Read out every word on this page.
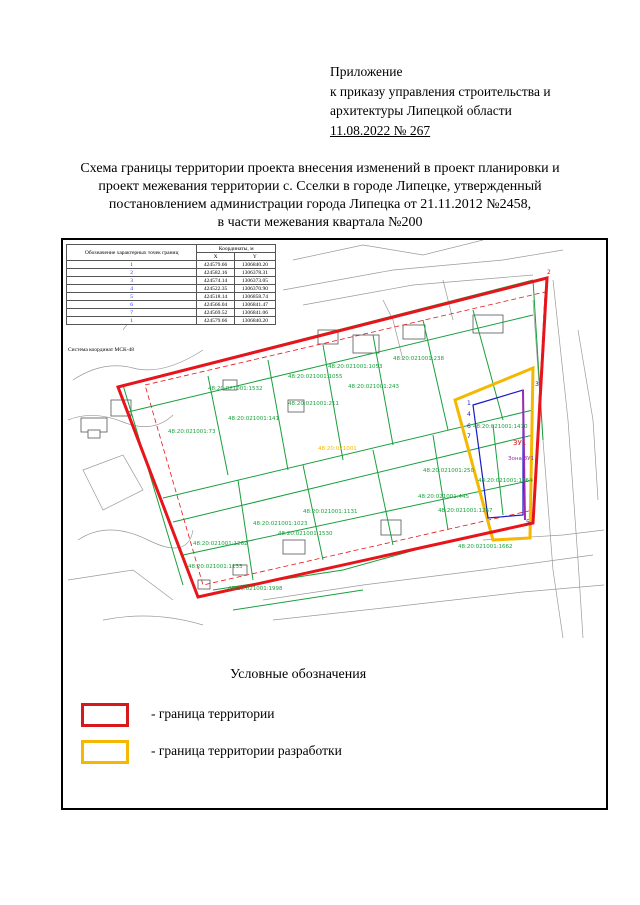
Приложение
к приказу управления строительства и
архитектуры Липецкой области
11.08.2022 № 267
Схема границы территории проекта внесения изменений в проект планировки и
проект межевания территории с. Сселки в городе Липецке, утвержденный
постановлением администрации города Липецка от 21.11.2012 №2458,
в части межевания квартала №200
48:20:021001:1532
48:20:021001:1055
48:20:021001:1053
48:20:021001:238
48:20:021001:141
48:20:021001:243
48:20:021001:211
48:20:021001:73
48:20:021001:1470
48:20:021001
48:20:021001:250
48:20:021001:1664
48:20:021001:1023
48:20:021001:1530
48:20:021001:1131
48:20:021001:1262
48:20:021001:1267
48:20:021001:1662
48:20:021001:1998
48:20:021001:1133
48:20:021001:445
ЗУ1
Зона ЗУ1
1
2
3
4
5
6
7
Обозначение характерных точек границ	Координаты, м	
	X	Y
1	424579.66	1306840.20
2	424582.16	1306378.31
3	424574.14	1306373.05
4	424522.35	1306370.90
5	424518.14	1306858.74
6	424566.04	1306841.47
7	424569.52	1306841.06
1	424579.66	1306840.20
Система координат МСК-48
Условные обозначения
- граница территории
- граница территории разработки
